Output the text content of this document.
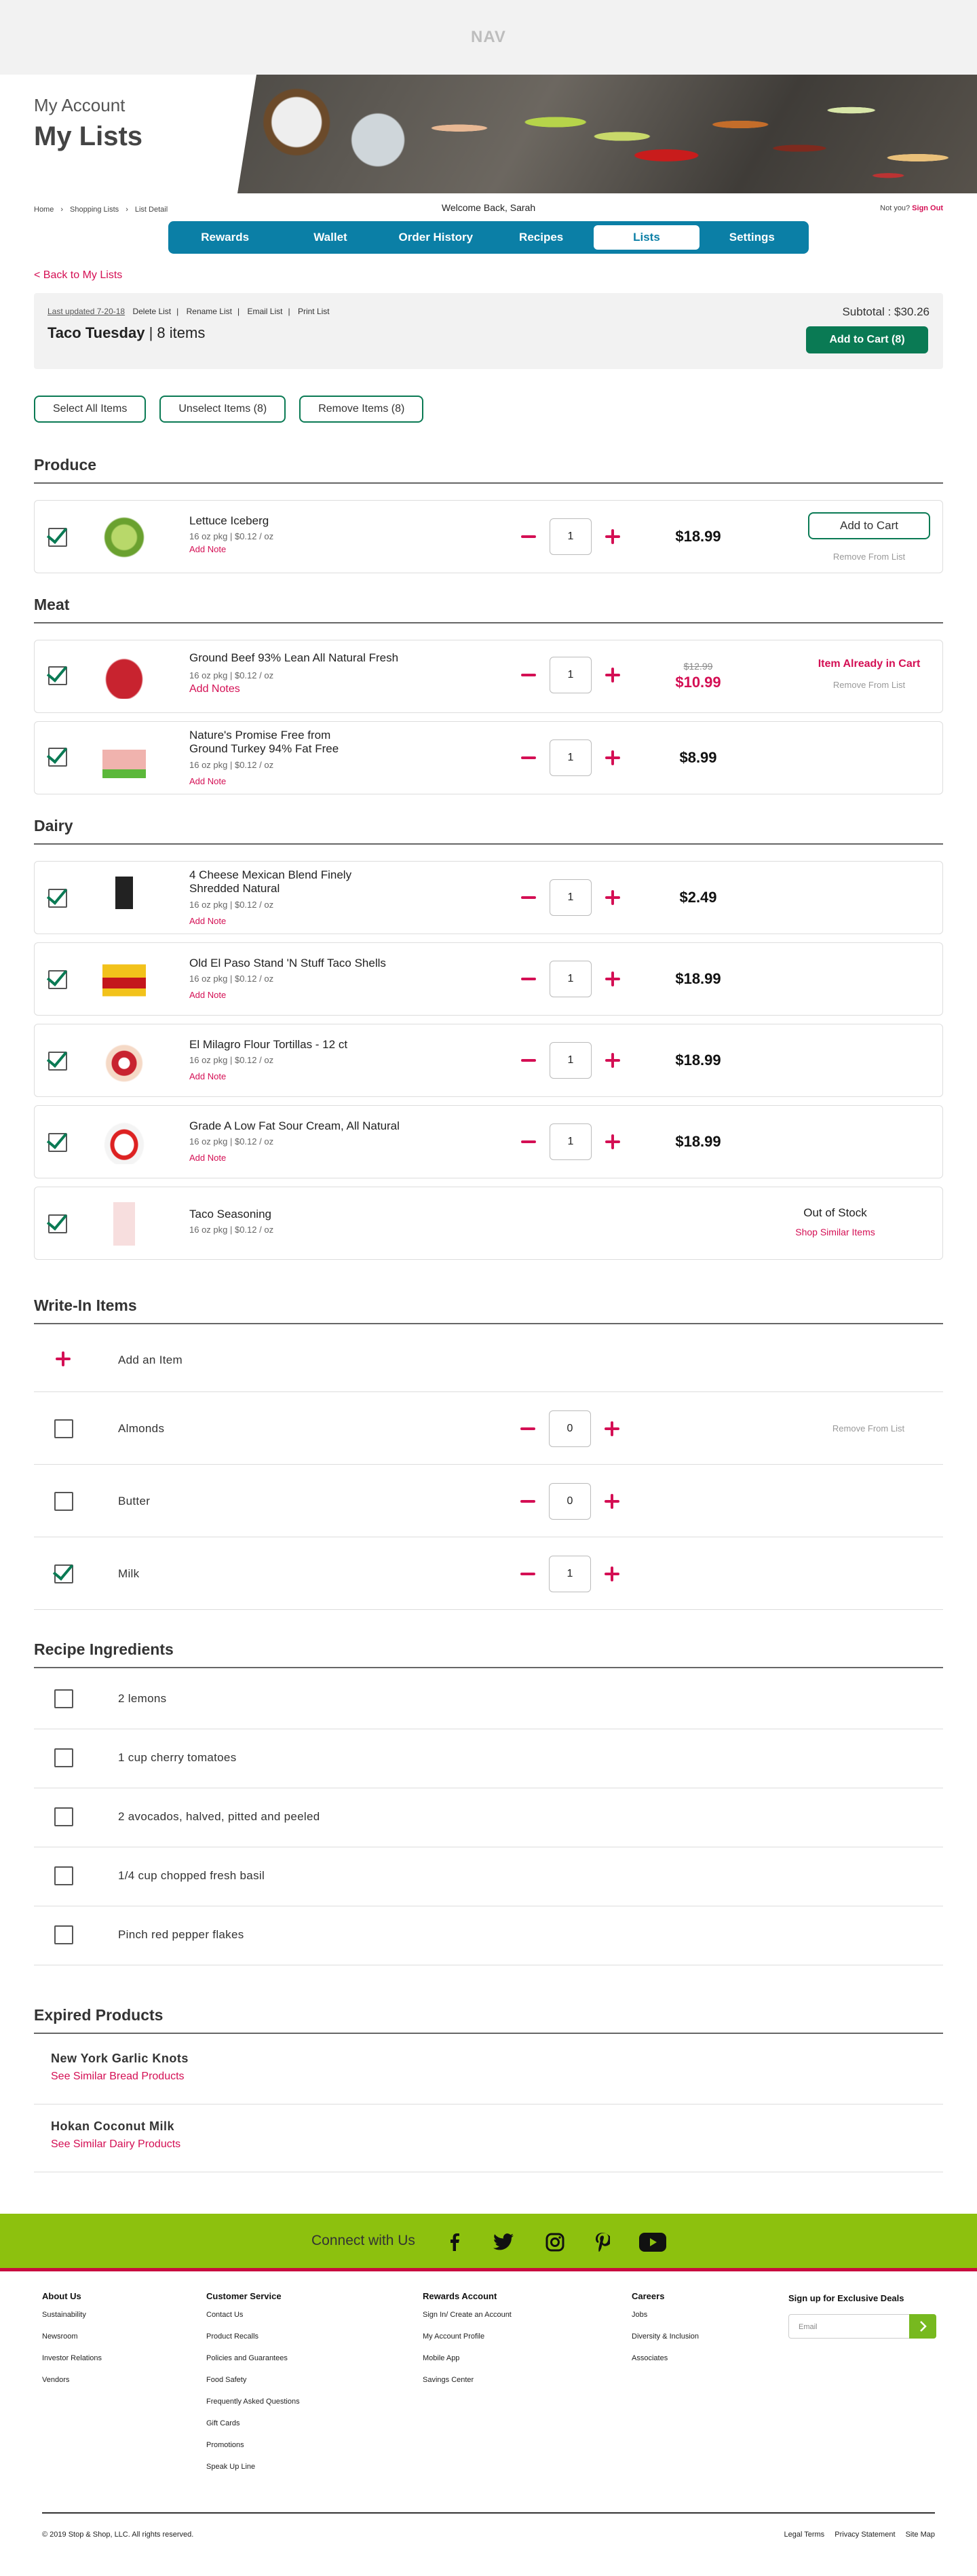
NAV
My Account
My Lists
Home › Shopping Lists › List Detail	Welcome Back, Sarah	Not you? Sign Out
Rewards	Wallet	Order History	Recipes	Lists	Settings
< Back to My Lists
Last updated 7-20-18 Delete List | Rename List | Email List | Print List
Taco Tuesday | 8 items
Subtotal : $30.26
Add to Cart (8)
Select All Items	Unselect Items (8)	Remove Items (8)
Produce
Lettuce Iceberg
16 oz pkg | $0.12 / oz
Add Note
1	$18.99
Add to Cart
Remove From List
Meat
Ground Beef 93% Lean All Natural Fresh
16 oz pkg | $0.12 / oz
Add Notes
1
$12.99
$10.99
Item Already in Cart
Remove From List
Nature's Promise Free from Ground Turkey 94% Fat Free
16 oz pkg | $0.12 / oz
Add Note
1	$8.99
Dairy
4 Cheese Mexican Blend Finely Shredded Natural
16 oz pkg | $0.12 / oz
Add Note
1	$2.49
Old El Paso Stand 'N Stuff Taco Shells
16 oz pkg | $0.12 / oz
Add Note
1	$18.99
El Milagro Flour Tortillas - 12 ct
16 oz pkg | $0.12 / oz
Add Note
1	$18.99
Grade A Low Fat Sour Cream, All Natural
16 oz pkg | $0.12 / oz
Add Note
1	$18.99
Taco Seasoning
16 oz pkg | $0.12 / oz
Out of Stock
Shop Similar Items
Write-In Items
Add an Item
Almonds	0	Remove From List
Butter	0
Milk	1
Recipe Ingredients
2 lemons
1 cup cherry tomatoes
2 avocados, halved, pitted and peeled
1/4 cup chopped fresh basil
Pinch red pepper flakes
Expired Products
New York Garlic Knots
See Similar Bread Products
Hokan Coconut Milk
See Similar Dairy Products
Connect with Us
About Us
Sustainability
Newsroom
Investor Relations
Vendors
Customer Service
Contact Us
Product Recalls
Policies and Guarantees
Food Safety
Frequently Asked Questions
Gift Cards
Promotions
Speak Up Line
Rewards Account
Sign In/ Create an Account
My Account Profile
Mobile App
Savings Center
Careers
Jobs
Diversity & Inclusion
Associates
Sign up for Exclusive Deals
Email
© 2019 Stop & Shop, LLC. All rights reserved.	Legal Terms Privacy Statement Site Map
